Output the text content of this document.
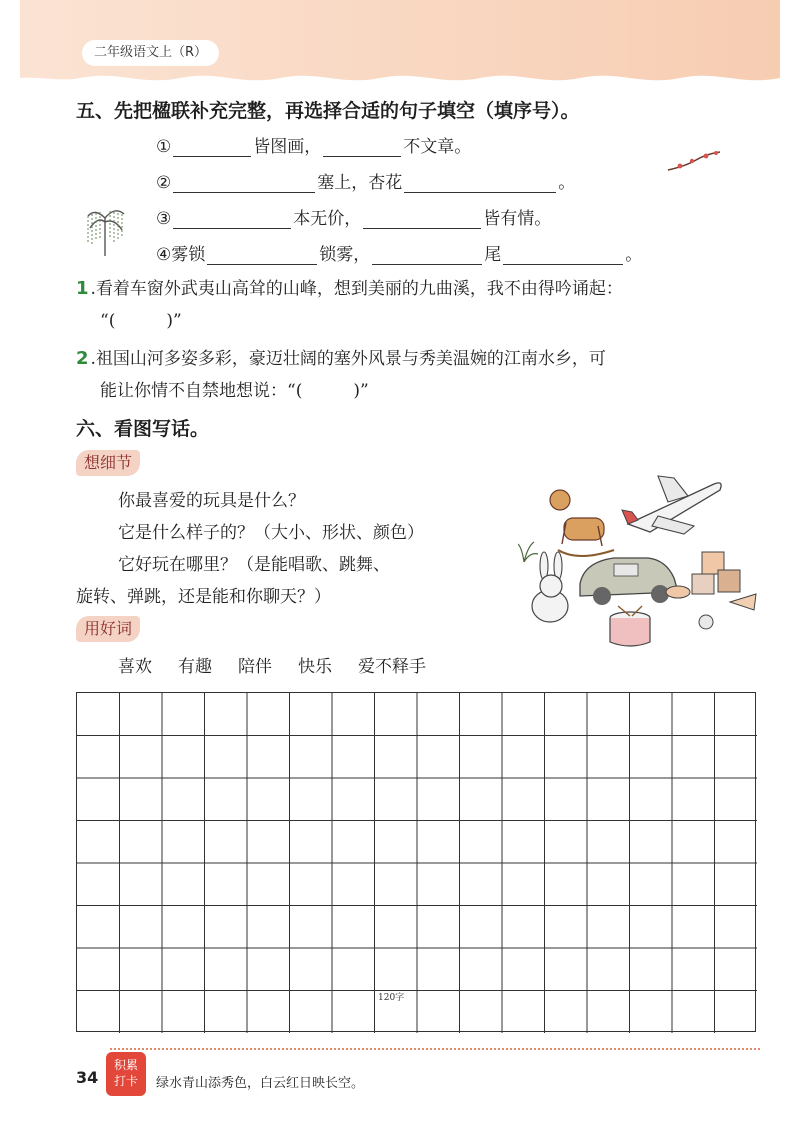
二年级语文上（R）
五、先把楹联补充完整，再选择合适的句子填空（填序号）。
①	皆图画，	不文章。
②	塞上，杏花	。
③	本无价，	皆有情。
④ 雾锁	锁雾，	尾	。
1 .看着车窗外武夷山高耸的山峰，想到美丽的九曲溪，我不由得吟诵起：
“(　　　)”
2 .祖国山河多姿多彩，豪迈壮阔的塞外风景与秀美温婉的江南水乡，可
能让你情不自禁地想说：“(　　　)”
六、看图写话。
想细节
你最喜爱的玩具是什么？
它是什么样子的？（大小、形状、颜色）
它好玩在哪里？（是能唱歌、跳舞、
旋转、弹跳，还是能和你聊天？）
用好词
喜欢 有趣 陪伴 快乐 爱不释手
120字
34
积累
打卡	绿水青山添秀色，白云红日映长空。
